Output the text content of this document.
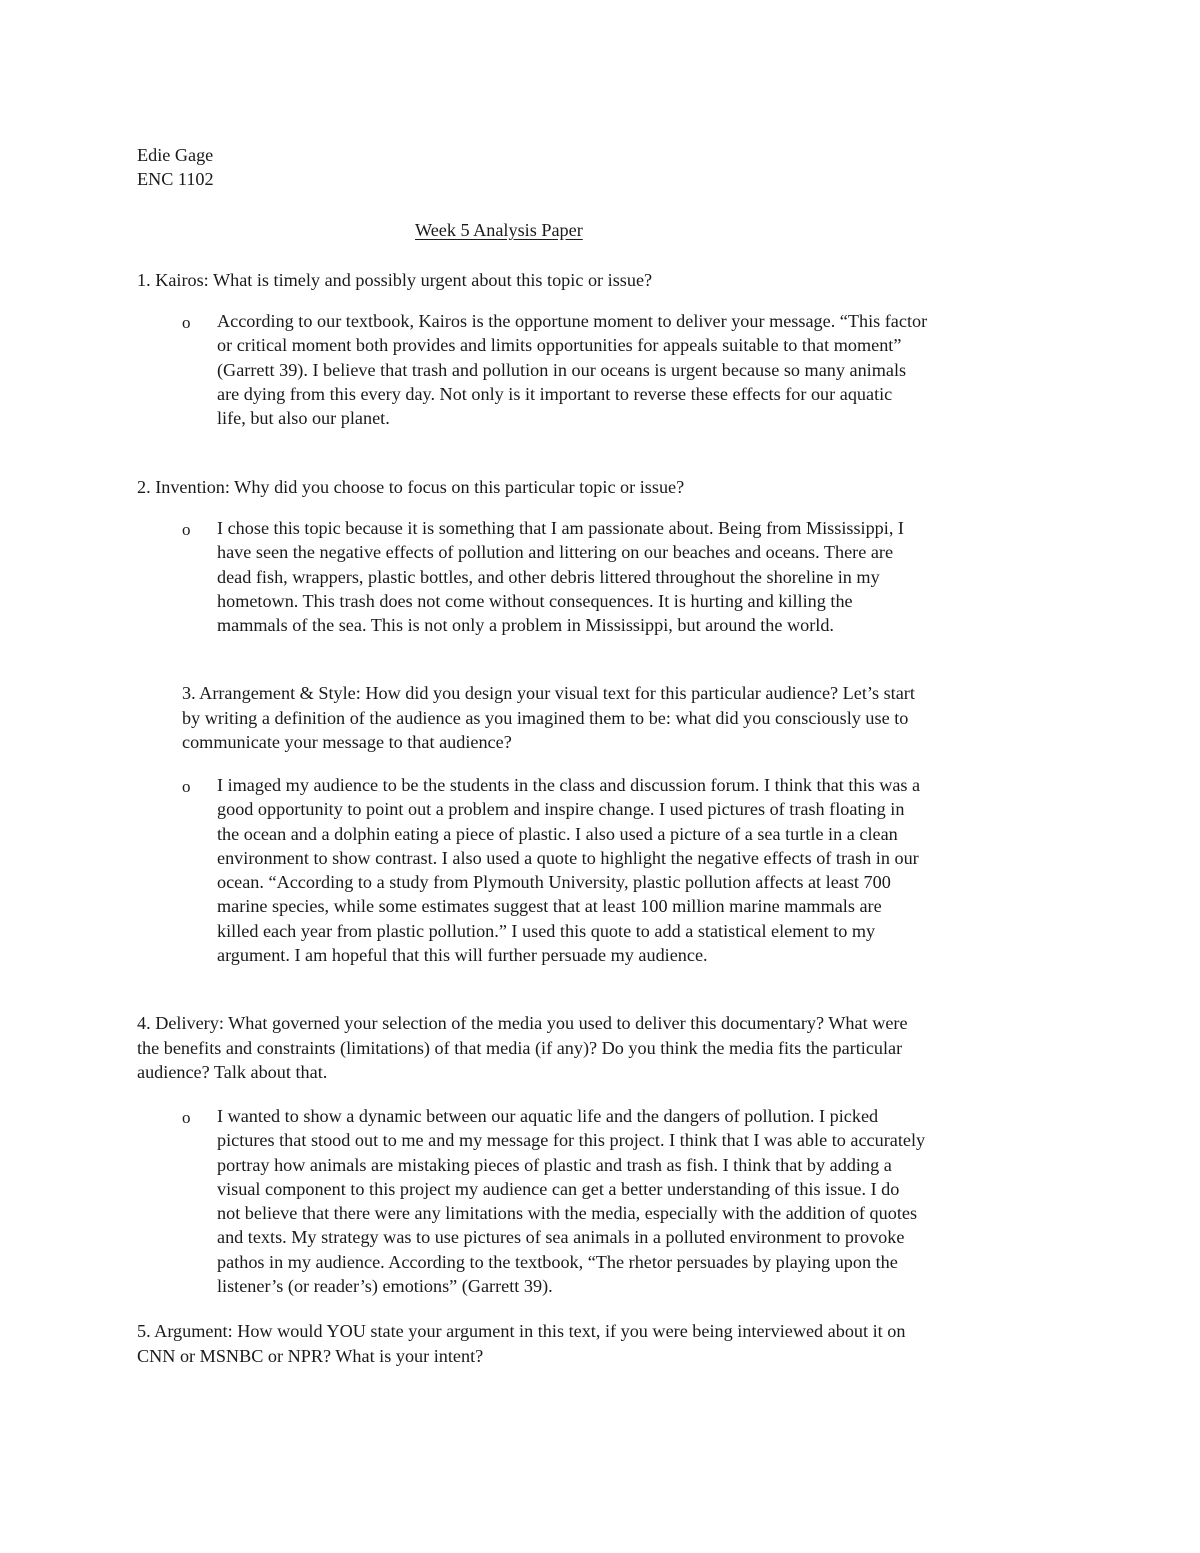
Edie Gage
ENC 1102
Week 5 Analysis Paper
1. Kairos: What is timely and possibly urgent about this topic or issue?
o According to our textbook, Kairos is the opportune moment to deliver your message. “This factor
or critical moment both provides and limits opportunities for appeals suitable to that moment”
(Garrett 39). I believe that trash and pollution in our oceans is urgent because so many animals
are dying from this every day. Not only is it important to reverse these effects for our aquatic
life, but also our planet.
2. Invention: Why did you choose to focus on this particular topic or issue?
o I chose this topic because it is something that I am passionate about. Being from Mississippi, I
have seen the negative effects of pollution and littering on our beaches and oceans. There are
dead fish, wrappers, plastic bottles, and other debris littered throughout the shoreline in my
hometown. This trash does not come without consequences. It is hurting and killing the
mammals of the sea. This is not only a problem in Mississippi, but around the world.
3. Arrangement & Style: How did you design your visual text for this particular audience? Let’s start
by writing a definition of the audience as you imagined them to be: what did you consciously use to
communicate your message to that audience?
o I imaged my audience to be the students in the class and discussion forum. I think that this was a
good opportunity to point out a problem and inspire change. I used pictures of trash floating in
the ocean and a dolphin eating a piece of plastic. I also used a picture of a sea turtle in a clean
environment to show contrast. I also used a quote to highlight the negative effects of trash in our
ocean. “According to a study from Plymouth University, plastic pollution affects at least 700
marine species, while some estimates suggest that at least 100 million marine mammals are
killed each year from plastic pollution.” I used this quote to add a statistical element to my
argument. I am hopeful that this will further persuade my audience.
4. Delivery: What governed your selection of the media you used to deliver this documentary? What were
the benefits and constraints (limitations) of that media (if any)? Do you think the media fits the particular
audience? Talk about that.
o I wanted to show a dynamic between our aquatic life and the dangers of pollution. I picked
pictures that stood out to me and my message for this project. I think that I was able to accurately
portray how animals are mistaking pieces of plastic and trash as fish. I think that by adding a
visual component to this project my audience can get a better understanding of this issue. I do
not believe that there were any limitations with the media, especially with the addition of quotes
and texts. My strategy was to use pictures of sea animals in a polluted environment to provoke
pathos in my audience. According to the textbook, “The rhetor persuades by playing upon the
listener’s (or reader’s) emotions” (Garrett 39).
5. Argument: How would YOU state your argument in this text, if you were being interviewed about it on
CNN or MSNBC or NPR? What is your intent?
